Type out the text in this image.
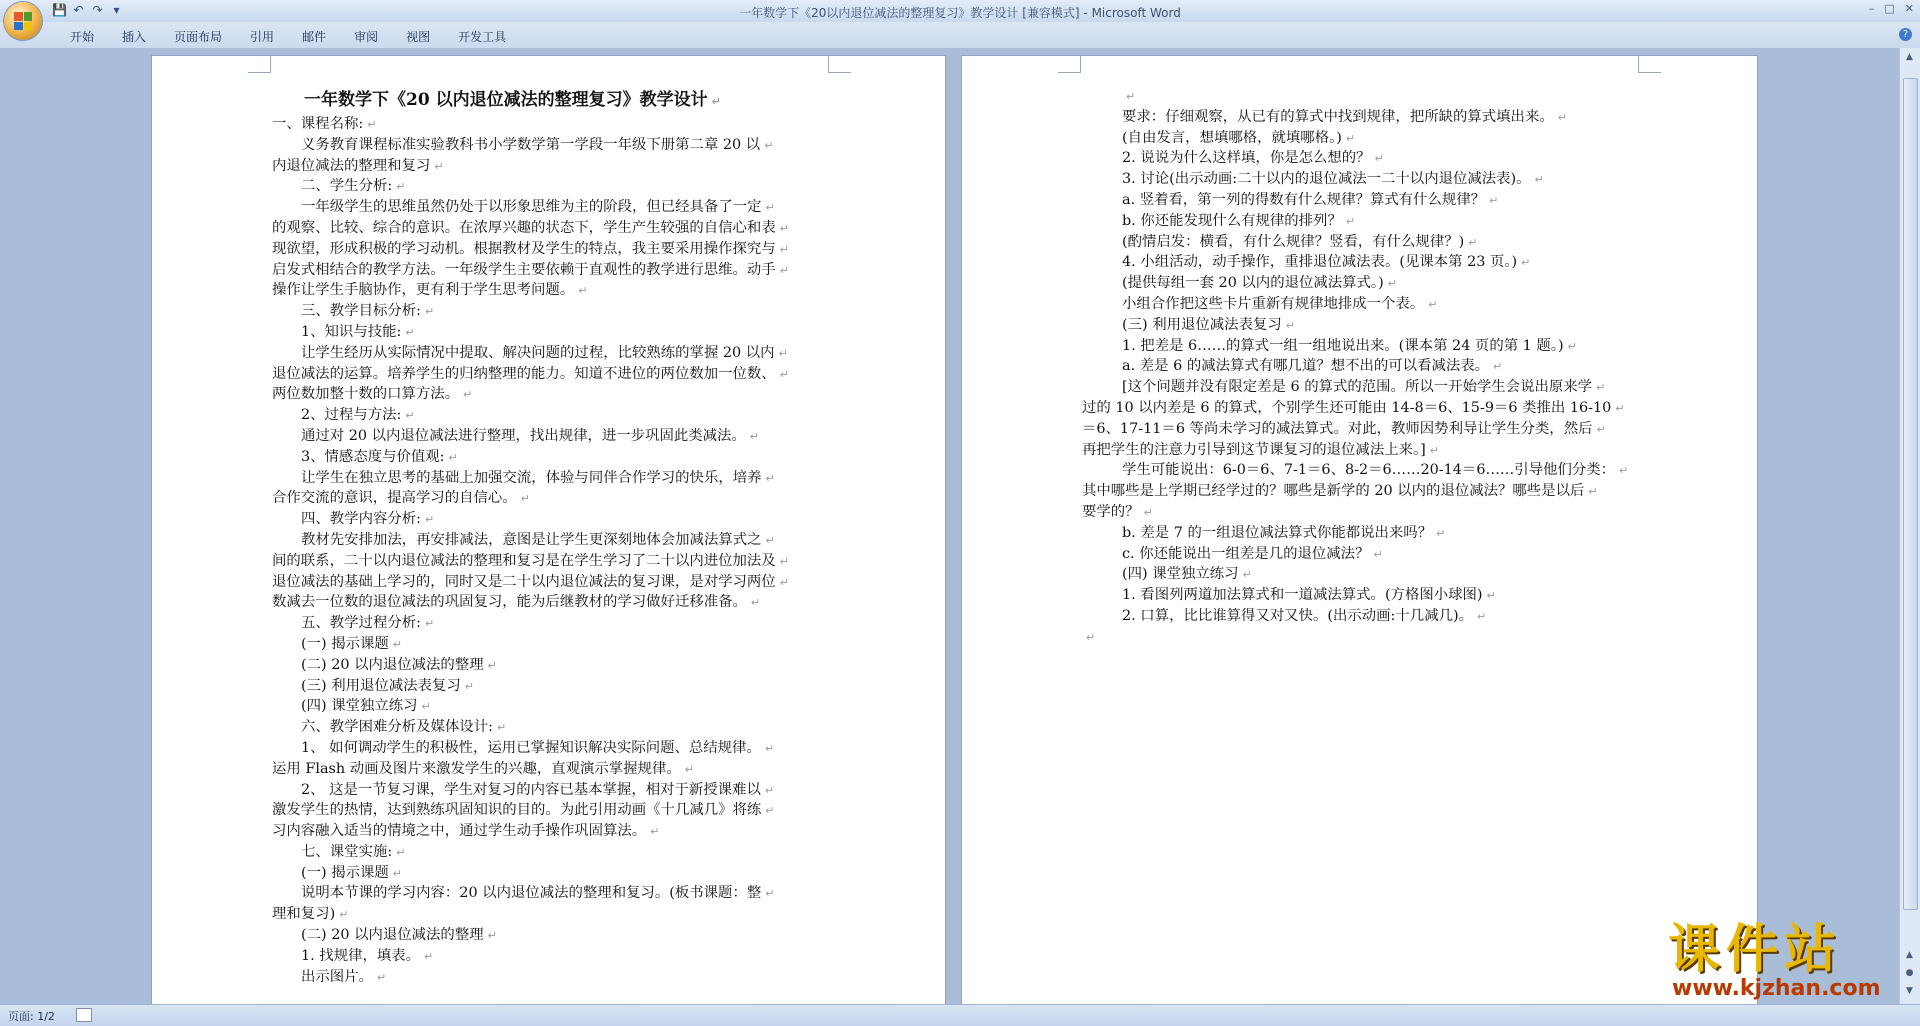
一年数学下《20以内退位减法的整理复习》教学设计 [兼容模式] - Microsoft Word	– □ ✕
💾 ↶ ↷ ▾
开始	插入	页面布局	引用	邮件	审阅	视图	开发工具	?
一年数学下《20 以内退位减法的整理复习》教学设计 ↵
一、课程名称: ↵
义务教育课程标准实验教科书小学数学第一学段一年级下册第二章 20 以 ↵
内退位减法的整理和复习 ↵
二、学生分析: ↵
一年级学生的思维虽然仍处于以形象思维为主的阶段，但已经具备了一定 ↵
的观察、比较、综合的意识。在浓厚兴趣的状态下，学生产生较强的自信心和表 ↵
现欲望，形成积极的学习动机。根据教材及学生的特点，我主要采用操作探究与 ↵
启发式相结合的教学方法。一年级学生主要依赖于直观性的教学进行思维。动手 ↵
操作让学生手脑协作，更有利于学生思考问题。 ↵
三、教学目标分析: ↵
1、知识与技能: ↵
让学生经历从实际情况中提取、解决问题的过程，比较熟练的掌握 20 以内 ↵
退位减法的运算。培养学生的归纳整理的能力。知道不进位的两位数加一位数、 ↵
两位数加整十数的口算方法。 ↵
2、过程与方法: ↵
通过对 20 以内退位减法进行整理，找出规律，进一步巩固此类减法。 ↵
3、情感态度与价值观: ↵
让学生在独立思考的基础上加强交流，体验与同伴合作学习的快乐，培养 ↵
合作交流的意识，提高学习的自信心。 ↵
四、教学内容分析: ↵
教材先安排加法，再安排减法，意图是让学生更深刻地体会加减法算式之 ↵
间的联系，二十以内退位减法的整理和复习是在学生学习了二十以内进位加法及 ↵
退位减法的基础上学习的，同时又是二十以内退位减法的复习课，是对学习两位 ↵
数减去一位数的退位减法的巩固复习，能为后继教材的学习做好迁移准备。 ↵
五、教学过程分析: ↵
(一) 揭示课题 ↵
(二) 20 以内退位减法的整理 ↵
(三) 利用退位减法表复习 ↵
(四) 课堂独立练习 ↵
六、教学困难分析及媒体设计: ↵
1、 如何调动学生的积极性，运用已掌握知识解决实际问题、总结规律。 ↵
运用 Flash 动画及图片来激发学生的兴趣，直观演示掌握规律。 ↵
2、 这是一节复习课，学生对复习的内容已基本掌握，相对于新授课难以 ↵
激发学生的热情，达到熟练巩固知识的目的。为此引用动画《十几减几》将练 ↵
习内容融入适当的情境之中，通过学生动手操作巩固算法。 ↵
七、课堂实施: ↵
(一) 揭示课题 ↵
说明本节课的学习内容：20 以内退位减法的整理和复习。(板书课题：整 ↵
理和复习) ↵
(二) 20 以内退位减法的整理 ↵
1. 找规律，填表。 ↵
出示图片。 ↵
↵
要求：仔细观察，从已有的算式中找到规律，把所缺的算式填出来。 ↵
(自由发言，想填哪格，就填哪格。) ↵
2. 说说为什么这样填，你是怎么想的？ ↵
3. 讨论(出示动画:二十以内的退位减法一二十以内退位减法表)。 ↵
a. 竖着看，第一列的得数有什么规律？算式有什么规律？ ↵
b. 你还能发现什么有规律的排列？ ↵
(酌情启发：横看，有什么规律？竖看，有什么规律？) ↵
4. 小组活动，动手操作，重排退位减法表。(见课本第 23 页。) ↵
(提供每组一套 20 以内的退位减法算式。) ↵
小组合作把这些卡片重新有规律地排成一个表。 ↵
(三) 利用退位减法表复习 ↵
1. 把差是 6……的算式一组一组地说出来。(课本第 24 页的第 1 题。) ↵
a. 差是 6 的减法算式有哪几道？想不出的可以看减法表。 ↵
[这个问题并没有限定差是 6 的算式的范围。所以一开始学生会说出原来学 ↵
过的 10 以内差是 6 的算式，个别学生还可能由 14-8＝6、15-9＝6 类推出 16-10 ↵
＝6、17-11＝6 等尚未学习的减法算式。对此，教师因势利导让学生分类，然后 ↵
再把学生的注意力引导到这节课复习的退位减法上来。] ↵
学生可能说出：6-0＝6、7-1＝6、8-2＝6……20-14＝6……引导他们分类： ↵
其中哪些是上学期已经学过的？哪些是新学的 20 以内的退位减法？哪些是以后 ↵
要学的？ ↵
b. 差是 7 的一组退位减法算式你能都说出来吗？ ↵
c. 你还能说出一组差是几的退位减法？ ↵
(四) 课堂独立练习 ↵
1. 看图列两道加法算式和一道减法算式。(方格图小球图) ↵
2. 口算，比比谁算得又对又快。(出示动画:十几减几)。 ↵
↵
▲
▲
●
▼
页面: 1/2
课件站
www.kjzhan.com
